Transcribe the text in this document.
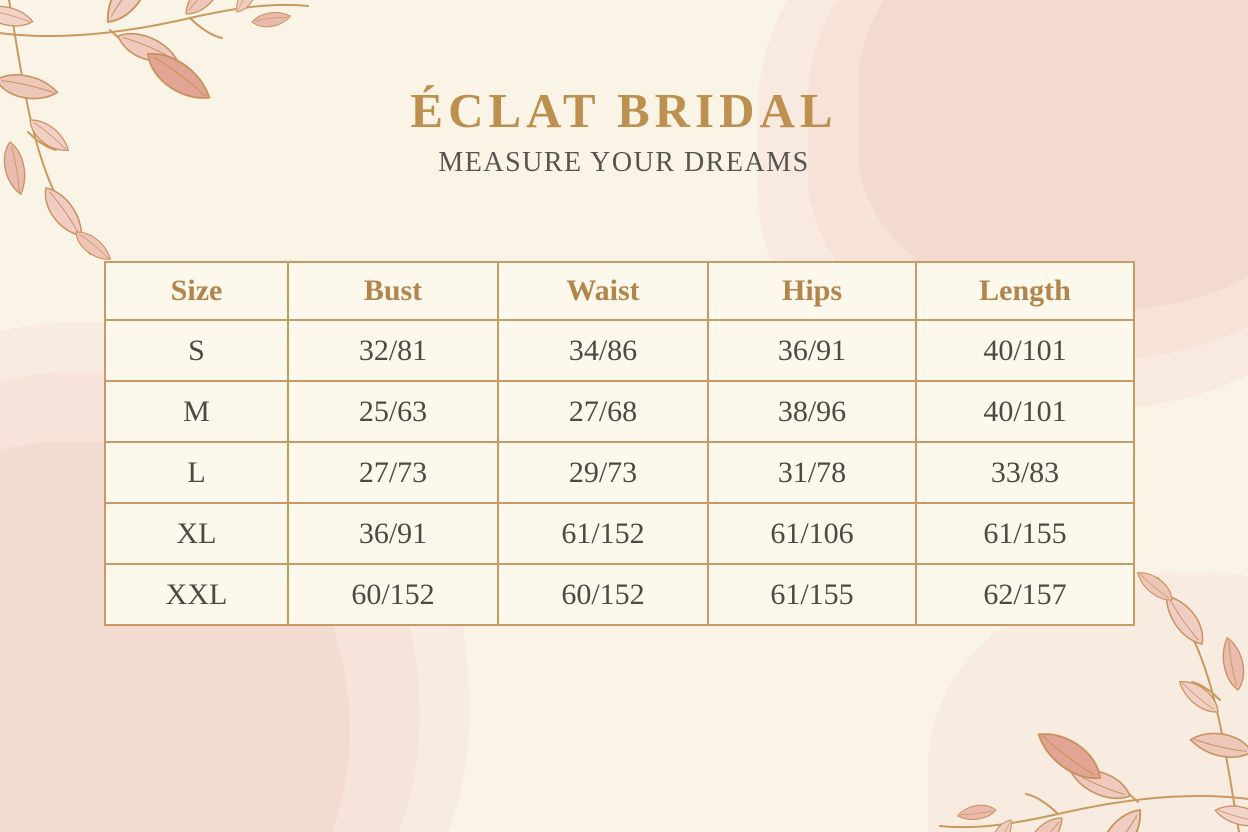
ÉCLAT BRIDAL
MEASURE YOUR DREAMS
Size	Bust	Waist	Hips	Length
S	32/81	34/86	36/91	40/101
M	25/63	27/68	38/96	40/101
L	27/73	29/73	31/78	33/83
XL	36/91	61/152	61/106	61/155
XXL	60/152	60/152	61/155	62/157
